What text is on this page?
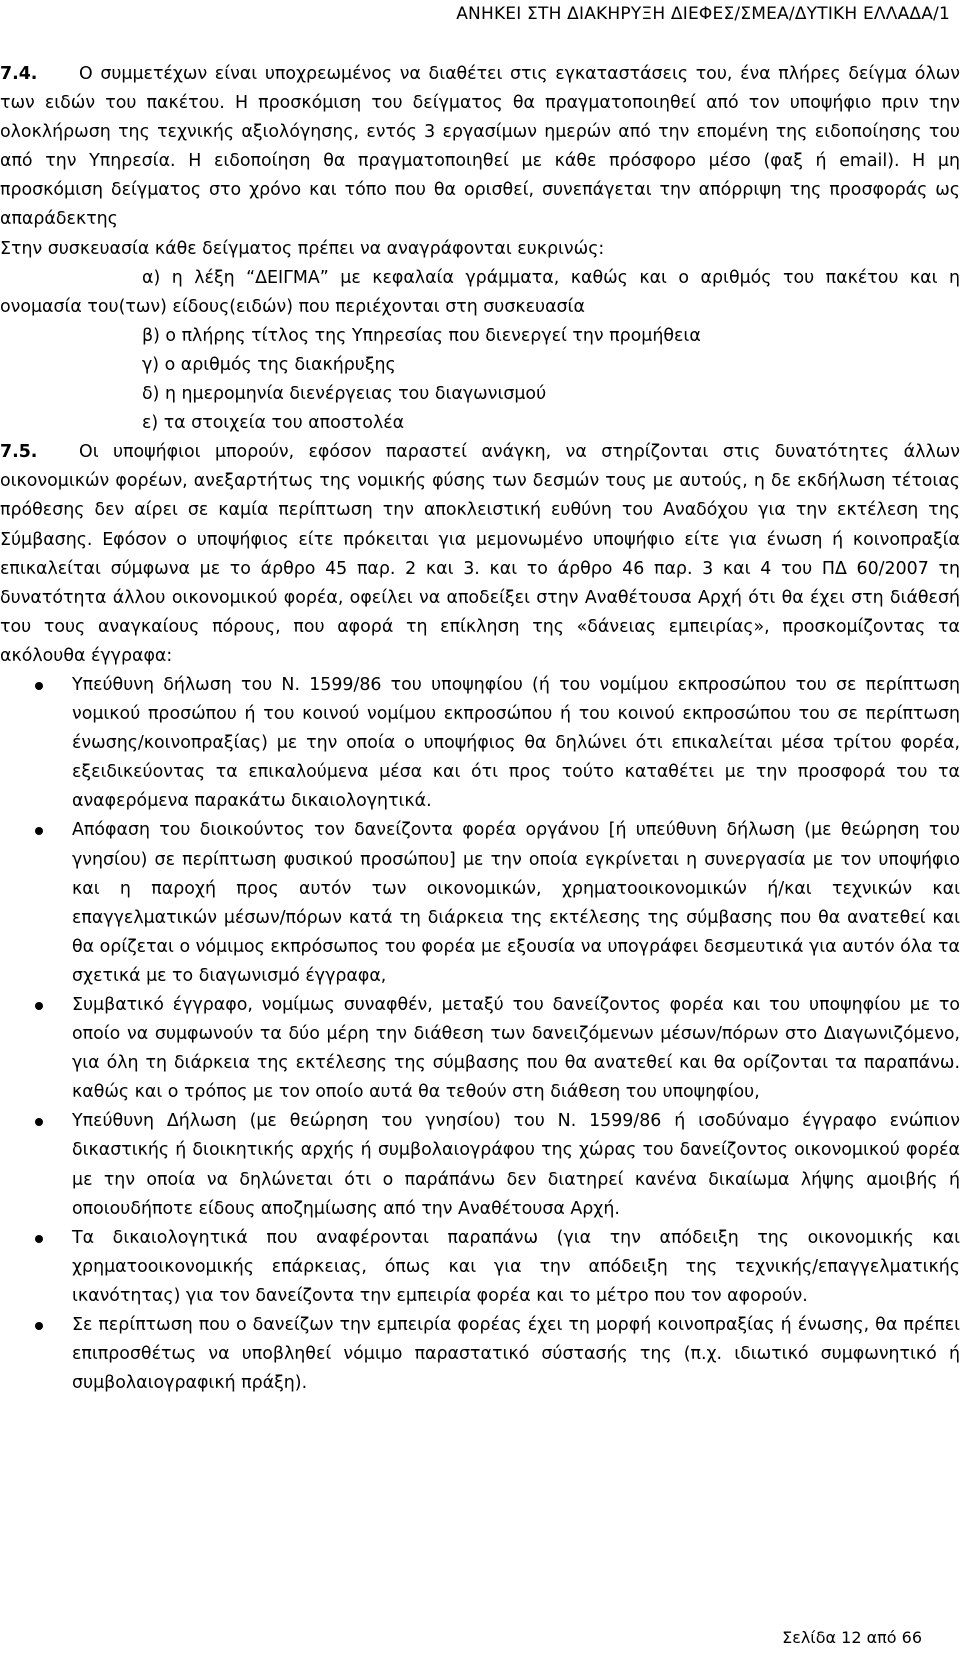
ΑΝΗΚΕΙ ΣΤΗ ΔΙΑΚΗΡΥΞΗ ΔΙΕΦΕΣ/ΣΜΕΑ/ΔΥΤΙΚΗ ΕΛΛΑΔΑ/1

7.4. Ο συμμετέχων είναι υποχρεωμένος να διαθέτει στις εγκαταστάσεις του, ένα πλήρες δείγμα όλων των ειδών του πακέτου. Η προσκόμιση του δείγματος θα πραγματοποιηθεί από τον υποψήφιο πριν την ολοκλήρωση της τεχνικής αξιολόγησης, εντός 3 εργασίμων ημερών από την επομένη της ειδοποίησης του από την Υπηρεσία. Η ειδοποίηση θα πραγματοποιηθεί με κάθε πρόσφορο μέσο (φαξ ή email). Η μη προσκόμιση δείγματος στο χρόνο και τόπο που θα ορισθεί, συνεπάγεται την απόρριψη της προσφοράς ως απαράδεκτης

Στην συσκευασία κάθε δείγματος πρέπει να αναγράφονται ευκρινώς:

α) η λέξη “ΔΕΙΓΜΑ” με κεφαλαία γράμματα, καθώς και ο αριθμός του πακέτου και η ονομασία του(των) είδους(ειδών) που περιέχονται στη συσκευασία

β) ο πλήρης τίτλος της Υπηρεσίας που διενεργεί την προμήθεια

γ) ο αριθμός της διακήρυξης

δ) η ημερομηνία διενέργειας του διαγωνισμού

ε) τα στοιχεία του αποστολέα

7.5. Οι υποψήφιοι μπορούν, εφόσον παραστεί ανάγκη, να στηρίζονται στις δυνατότητες άλλων οικονομικών φορέων, ανεξαρτήτως της νομικής φύσης των δεσμών τους με αυτούς, η δε εκδήλωση τέτοιας πρόθεσης δεν αίρει σε καμία περίπτωση την αποκλειστική ευθύνη του Αναδόχου για την εκτέλεση της Σύμβασης. Εφόσον ο υποψήφιος είτε πρόκειται για μεμονωμένο υποψήφιο είτε για ένωση ή κοινοπραξία επικαλείται σύμφωνα με το άρθρο 45 παρ. 2 και 3. και το άρθρο 46 παρ. 3 και 4 του ΠΔ 60/2007 τη δυνατότητα άλλου οικονομικού φορέα, οφείλει να αποδείξει στην Αναθέτουσα Αρχή ότι θα έχει στη διάθεσή του τους αναγκαίους πόρους, που αφορά τη επίκληση της «δάνειας εμπειρίας», προσκομίζοντας τα ακόλουθα έγγραφα:

Υπεύθυνη δήλωση του Ν. 1599/86 του υποψηφίου (ή του νομίμου εκπροσώπου του σε περίπτωση νομικού προσώπου ή του κοινού νομίμου εκπροσώπου ή του κοινού εκπροσώπου του σε περίπτωση ένωσης/κοινοπραξίας) με την οποία ο υποψήφιος θα δηλώνει ότι επικαλείται μέσα τρίτου φορέα, εξειδικεύοντας τα επικαλούμενα μέσα και ότι προς τούτο καταθέτει με την προσφορά του τα αναφερόμενα παρακάτω δικαιολογητικά.
Απόφαση του διοικούντος τον δανείζοντα φορέα οργάνου [ή υπεύθυνη δήλωση (με θεώρηση του γνησίου) σε περίπτωση φυσικού προσώπου] με την οποία εγκρίνεται η συνεργασία με τον υποψήφιο και η παροχή προς αυτόν των οικονομικών, χρηματοοικονομικών ή/και τεχνικών και επαγγελματικών μέσων/πόρων κατά τη διάρκεια της εκτέλεσης της σύμβασης που θα ανατεθεί και θα ορίζεται ο νόμιμος εκπρόσωπος του φορέα με εξουσία να υπογράφει δεσμευτικά για αυτόν όλα τα σχετικά με το διαγωνισμό έγγραφα,
Συμβατικό έγγραφο, νομίμως συναφθέν, μεταξύ του δανείζοντος φορέα και του υποψηφίου με το οποίο να συμφωνούν τα δύο μέρη την διάθεση των δανειζόμενων μέσων/πόρων στο Διαγωνιζόμενο, για όλη τη διάρκεια της εκτέλεσης της σύμβασης που θα ανατεθεί και θα ορίζονται τα παραπάνω. καθώς και ο τρόπος με τον οποίο αυτά θα τεθούν στη διάθεση του υποψηφίου,
Υπεύθυνη Δήλωση (με θεώρηση του γνησίου) του Ν. 1599/86 ή ισοδύναμο έγγραφο ενώπιον δικαστικής ή διοικητικής αρχής ή συμβολαιογράφου της χώρας του δανείζοντος οικονομικού φορέα με την οποία να δηλώνεται ότι ο παράπάνω δεν διατηρεί κανένα δικαίωμα λήψης αμοιβής ή οποιουδήποτε είδους αποζημίωσης από την Αναθέτουσα Αρχή.
Τα δικαιολογητικά που αναφέρονται παραπάνω (για την απόδειξη της οικονομικής και χρηματοοικονομικής επάρκειας, όπως και για την απόδειξη της τεχνικής/επαγγελματικής ικανότητας) για τον δανείζοντα την εμπειρία φορέα και το μέτρο που τον αφορούν.
Σε περίπτωση που ο δανείζων την εμπειρία φορέας έχει τη μορφή κοινοπραξίας ή ένωσης, θα πρέπει επιπροσθέτως να υποβληθεί νόμιμο παραστατικό σύστασής της (π.χ. ιδιωτικό συμφωνητικό ή συμβολαιογραφική πράξη).
Σελίδα 12 από 66
